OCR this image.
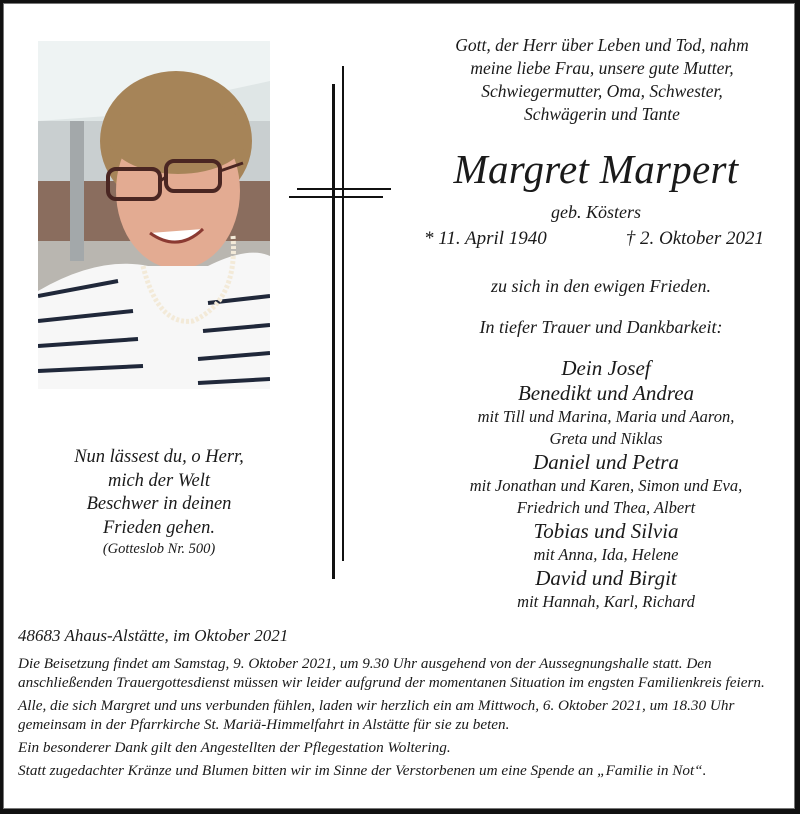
Gott, der Herr über Leben und Tod, nahm
meine liebe Frau, unsere gute Mutter,
Schwiegermutter, Oma, Schwester,
Schwägerin und Tante
Margret Marpert
geb. Kösters
* 11. April 1940	† 2. Oktober 2021
zu sich in den ewigen Frieden.
In tiefer Trauer und Dankbarkeit:
Dein Josef
Benedikt und Andrea
mit Till und Marina, Maria und Aaron,
Greta und Niklas
Daniel und Petra
mit Jonathan und Karen, Simon und Eva,
Friedrich und Thea, Albert
Tobias und Silvia
mit Anna, Ida, Helene
David und Birgit
mit Hannah, Karl, Richard
Nun lässest du, o Herr,
mich der Welt
Beschwer in deinen
Frieden gehen.
(Gotteslob Nr. 500)
48683 Ahaus-Alstätte, im Oktober 2021

Die Beisetzung findet am Samstag, 9. Oktober 2021, um 9.30 Uhr ausgehend von der Aussegnungshalle statt. Den anschließenden Trauergottesdienst müssen wir leider aufgrund der momentanen Situation im engsten Familienkreis feiern.

Alle, die sich Margret und uns verbunden fühlen, laden wir herzlich ein am Mittwoch, 6. Oktober 2021, um 18.30 Uhr gemeinsam in der Pfarrkirche St. Mariä-Himmelfahrt in Alstätte für sie zu beten.

Ein besonderer Dank gilt den Angestellten der Pflegestation Woltering.

Statt zugedachter Kränze und Blumen bitten wir im Sinne der Verstorbenen um eine Spende an „Familie in Not“.
